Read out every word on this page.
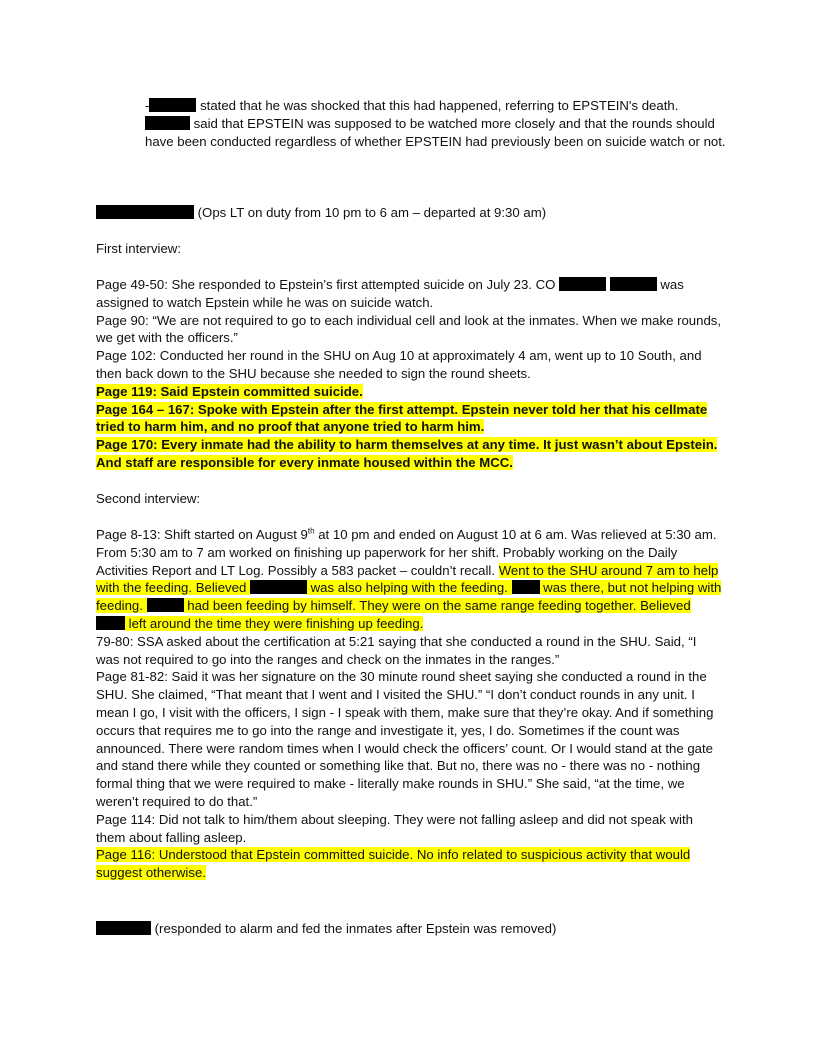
-	stated that he was shocked that this had happened, referring to EPSTEIN's death.
said that EPSTEIN was supposed to be watched more closely and that the rounds should have been conducted regardless of whether EPSTEIN had previously been on suicide watch or not.

(Ops LT on duty from 10 pm to 6 am – departed at 9:30 am)

First interview:

Page 49-50: She responded to Epstein’s first attempted suicide on July 23. CO	was assigned to watch Epstein while he was on suicide watch.
Page 90: “We are not required to go to each individual cell and look at the inmates. When we make rounds, we get with the officers.”
Page 102: Conducted her round in the SHU on Aug 10 at approximately 4 am, went up to 10 South, and then back down to the SHU because she needed to sign the round sheets.
Page 119: Said Epstein committed suicide.
Page 164 – 167: Spoke with Epstein after the first attempt. Epstein never told her that his cellmate tried to harm him, and no proof that anyone tried to harm him.
Page 170: Every inmate had the ability to harm themselves at any time. It just wasn’t about Epstein. And staff are responsible for every inmate housed within the MCC.

Second interview:

Page 8-13: Shift started on August 9th at 10 pm and ended on August 10 at 6 am. Was relieved at 5:30 am. From 5:30 am to 7 am worked on finishing up paperwork for her shift. Probably working on the Daily Activities Report and LT Log. Possibly a 583 packet – couldn’t recall. Went to the SHU around 7 am to help with the feeding. Believed	was also helping with the feeding.  was there, but not helping with feeding.	had been feeding by himself. They were on the same range feeding together. Believed  left around the time they were finishing up feeding.
79-80: SSA asked about the certification at 5:21 saying that she conducted a round in the SHU. Said, “I was not required to go into the ranges and check on the inmates in the ranges.”
Page 81-82: Said it was her signature on the 30 minute round sheet saying she conducted a round in the SHU. She claimed, “That meant that I went and I visited the SHU.” “I don’t conduct rounds in any unit. I mean I go, I visit with the officers, I sign - I speak with them, make sure that they’re okay. And if something occurs that requires me to go into the range and investigate it, yes, I do. Sometimes if the count was announced. There were random times when I would check the officers’ count. Or I would stand at the gate and stand there while they counted or something like that. But no, there was no - there was no - nothing formal thing that we were required to make - literally make rounds in SHU.” She said, “at the time, we weren’t required to do that.”
Page 114: Did not talk to him/them about sleeping. They were not falling asleep and did not speak with them about falling asleep.
Page 116: Understood that Epstein committed suicide. No info related to suspicious activity that would suggest otherwise.

(responded to alarm and fed the inmates after Epstein was removed)
